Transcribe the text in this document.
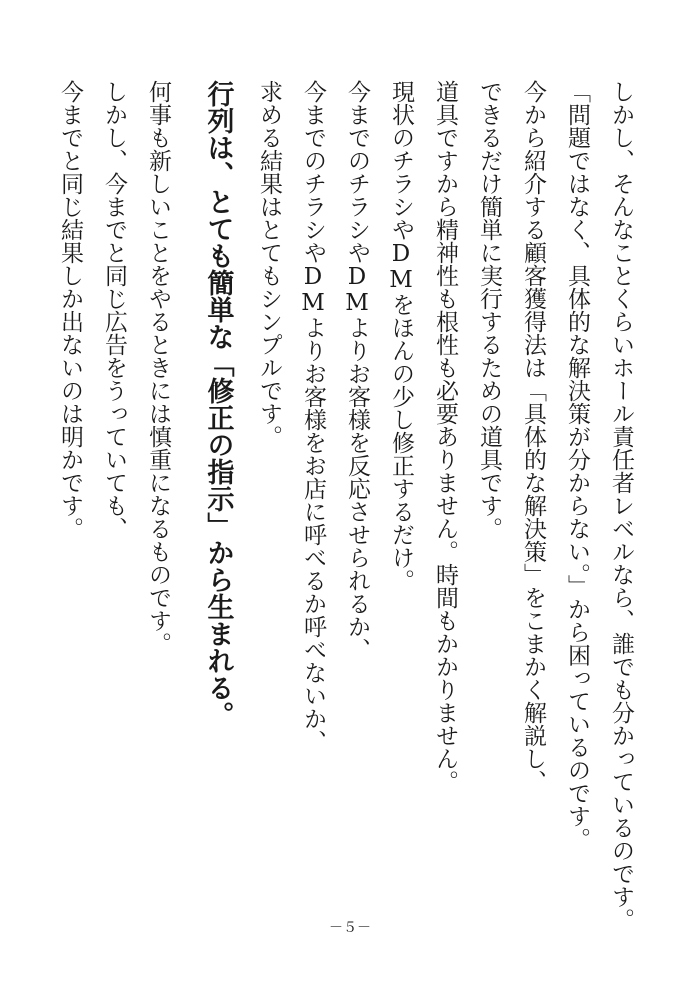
しかし、そんなことくらいホール責任者レベルなら、誰でも分かっているのです。
「問題ではなく、具体的な解決策が分からない。」から困っているのです。
今から紹介する顧客獲得法は「具体的な解決策」をこまかく解説し、
できるだけ簡単に実行するための道具です。
道具ですから精神性も根性も必要ありません。時間もかかりません。
現状のチラシやDMをほんの少し修正するだけ。
今までのチラシやDMよりお客様を反応させられるか、
今までのチラシやDMよりお客様をお店に呼べるか呼べないか、
求める結果はとてもシンプルです。
行列は、とても簡単な「修正の指示」から生まれる。
何事も新しいことをやるときには慎重になるものです。
しかし、今までと同じ広告をうっていても、
今までと同じ結果しか出ないのは明かです。
－５－
